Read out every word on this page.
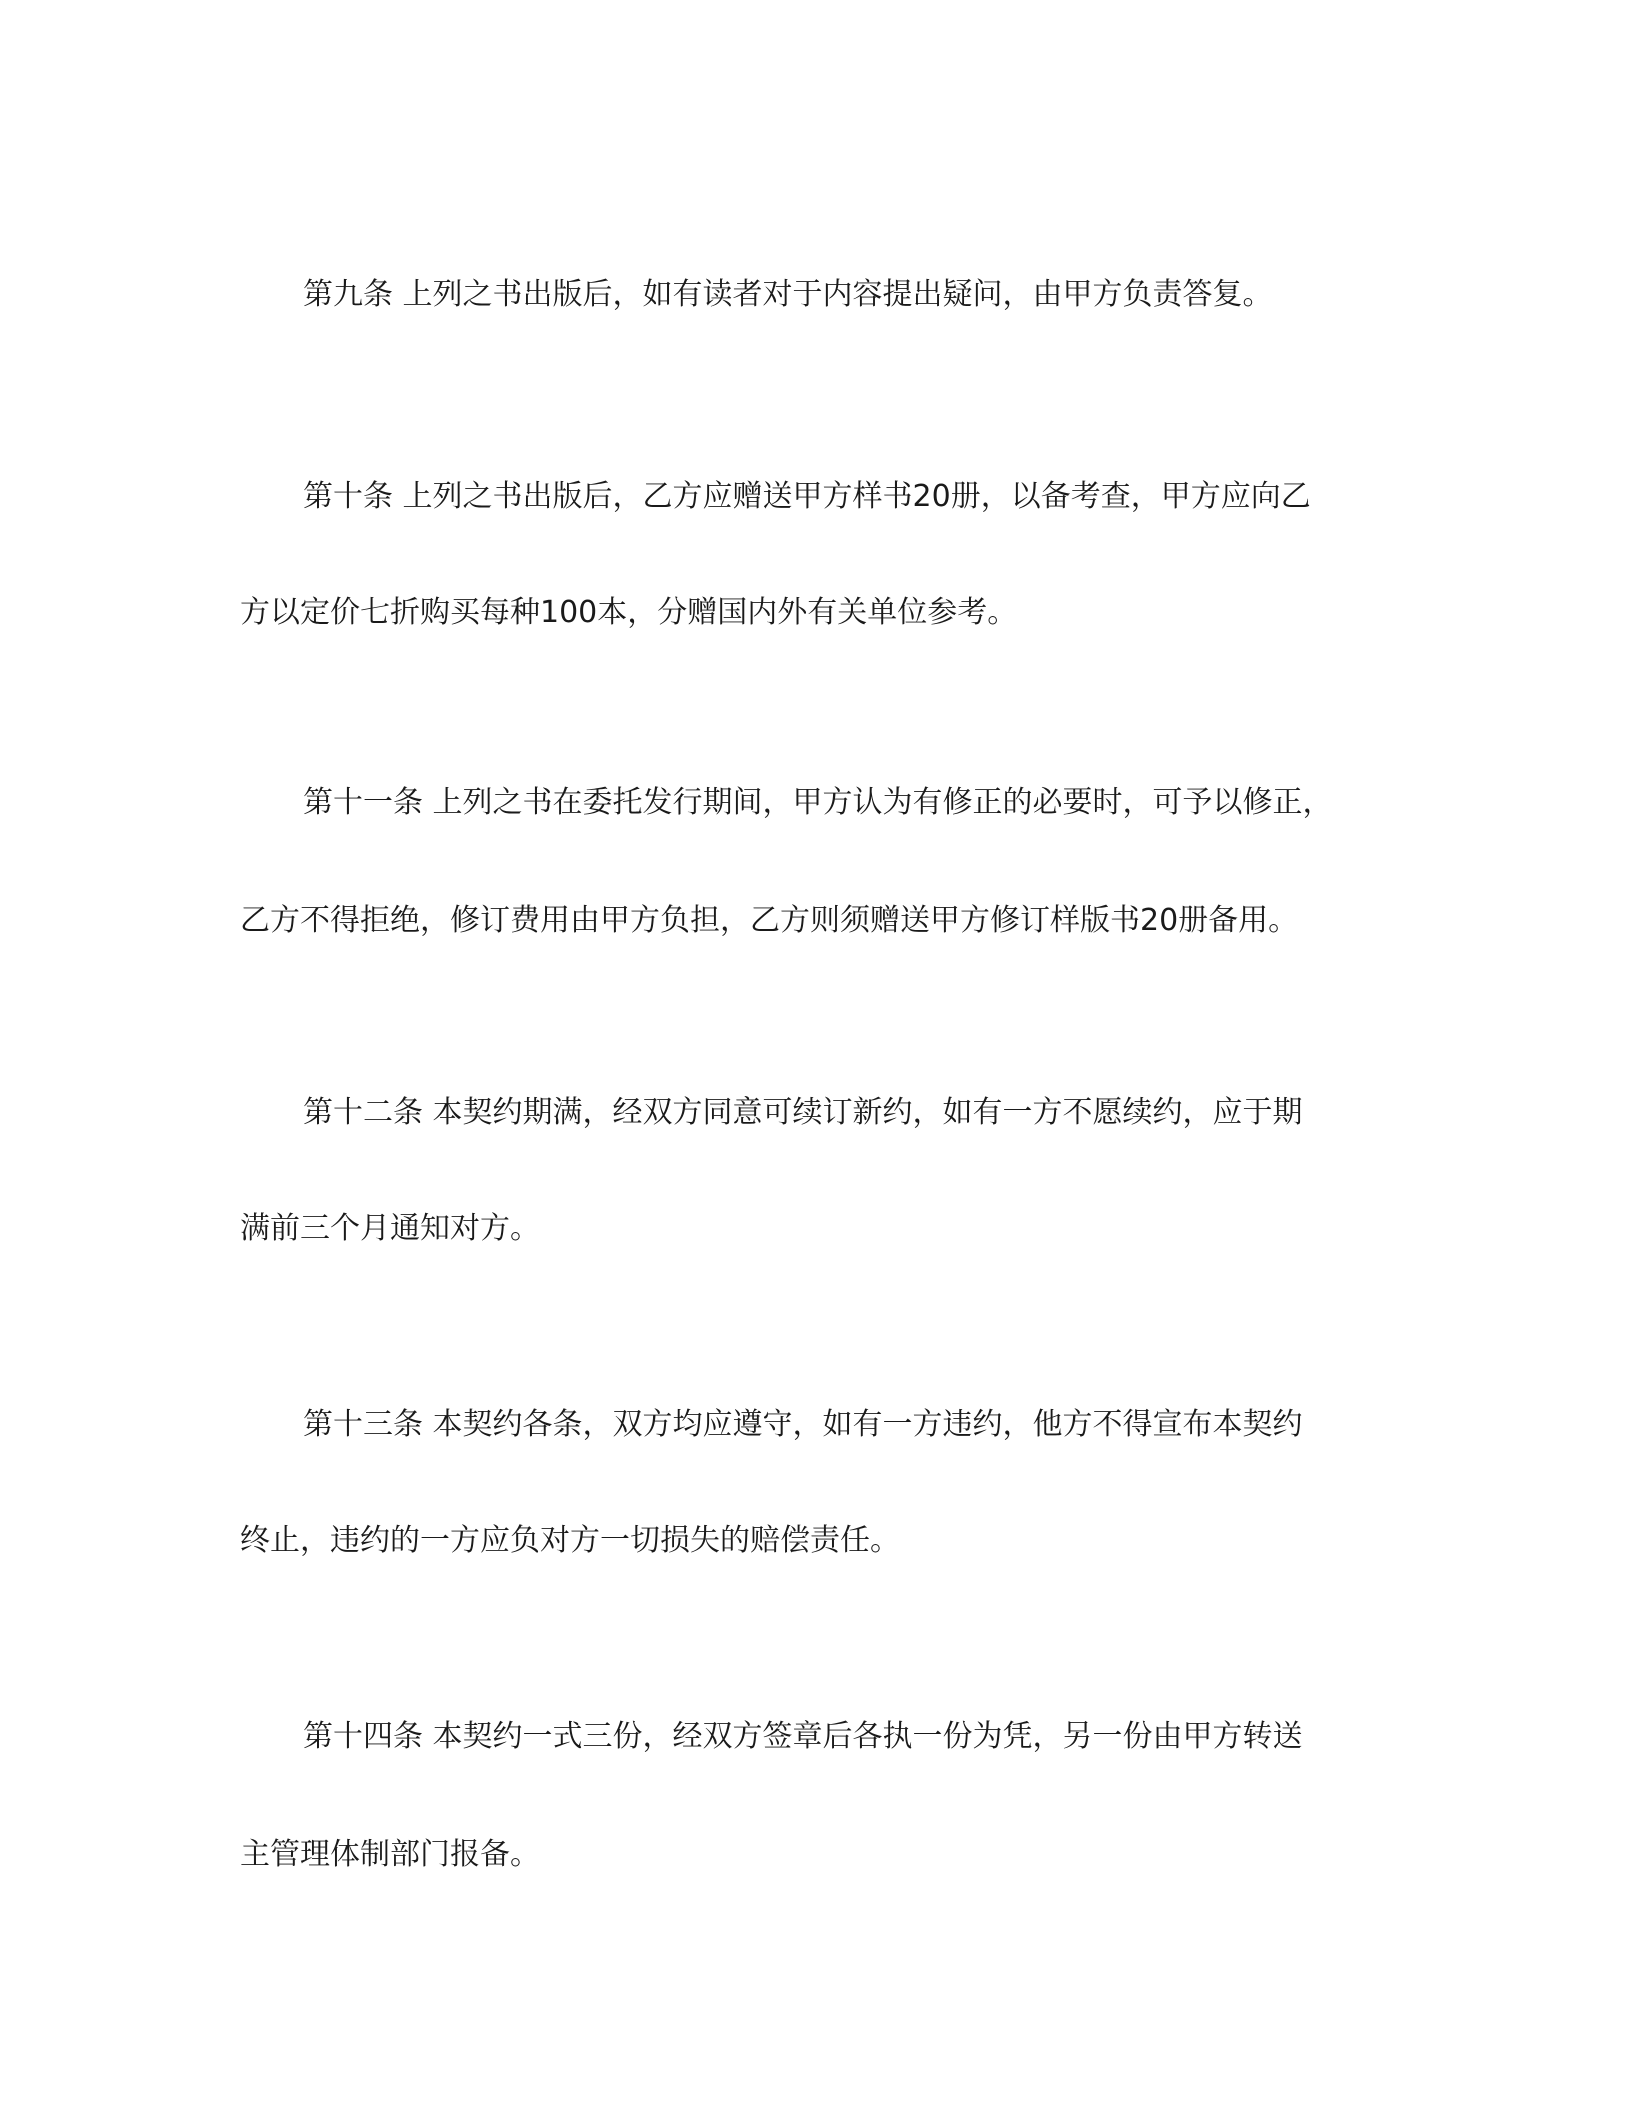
第九条 上列之书出版后，如有读者对于内容提出疑问，由甲方负责答复。

第十条 上列之书出版后，乙方应赠送甲方样书20册，以备考查，甲方应向乙

方以定价七折购买每种100本，分赠国内外有关单位参考。

第十一条 上列之书在委托发行期间，甲方认为有修正的必要时，可予以修正，

乙方不得拒绝，修订费用由甲方负担，乙方则须赠送甲方修订样版书20册备用。

第十二条 本契约期满，经双方同意可续订新约，如有一方不愿续约，应于期

满前三个月通知对方。

第十三条 本契约各条，双方均应遵守，如有一方违约，他方不得宣布本契约

终止，违约的一方应负对方一切损失的赔偿责任。

第十四条 本契约一式三份，经双方签章后各执一份为凭，另一份由甲方转送

主管理体制部门报备。
